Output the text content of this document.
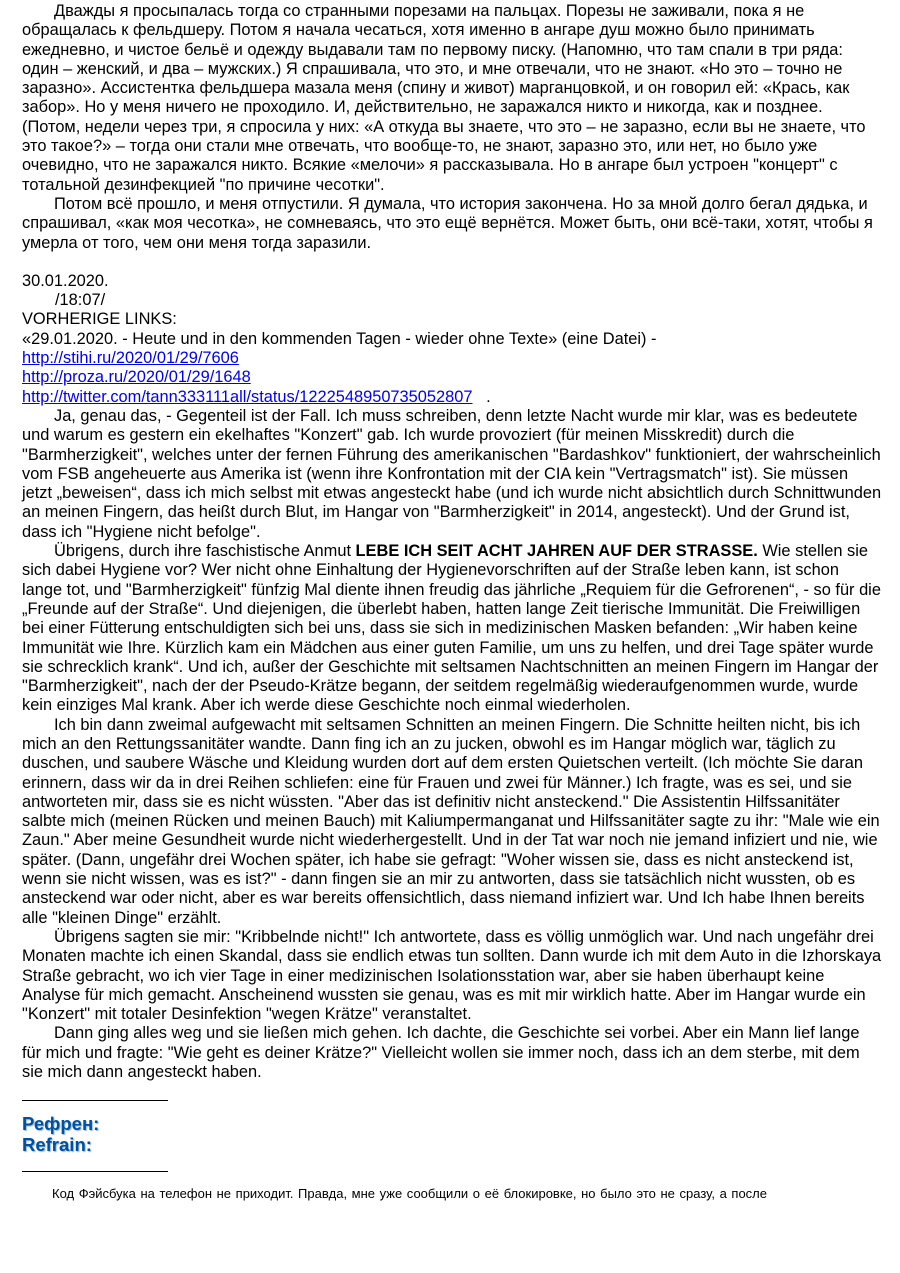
Дважды я просыпалась тогда со странными порезами на пальцах. Порезы не заживали, пока я не обращалась к фельдшеру. Потом я начала чесаться, хотя именно в ангаре душ можно было принимать ежедневно, и чистое бельё и одежду выдавали там по первому писку. (Напомню, что там спали в три ряда: один – женский, и два – мужских.) Я спрашивала, что это, и мне отвечали, что не знают. «Но это – точно не заразно». Ассистентка фельдшера мазала меня (спину и живот) марганцовкой, и он говорил ей: «Крась, как забор». Но у меня ничего не проходило. И, действительно, не заражался никто и никогда, как и позднее. (Потом, недели через три, я спросила у них: «А откуда вы знаете, что это – не заразно, если вы не знаете, что это такое?» – тогда они стали мне отвечать, что вообще-то, не знают, заразно это, или нет, но было уже очевидно, что не заражался никто. Всякие «мелочи» я рассказывала. Но в ангаре был устроен "концерт" с тотальной дезинфекцией "по причине чесотки".

Потом всё прошло, и меня отпустили. Я думала, что история закончена. Но за мной долго бегал дядька, и спрашивал, «как моя чесотка», не сомневаясь, что это ещё вернётся. Может быть, они всё-таки, хотят, чтобы я умерла от того, чем они меня тогда заразили.

30.01.2020.

/18:07/

VORHERIGE LINKS:

«29.01.2020. - Heute und in den kommenden Tagen - wieder ohne Texte» (eine Datei) -

http://stihi.ru/2020/01/29/7606

http://proza.ru/2020/01/29/1648

http://twitter.com/tann333111all/status/1222548950735052807   .

Ja, genau das, - Gegenteil ist der Fall. Ich muss schreiben, denn letzte Nacht wurde mir klar, was es bedeutete und warum es gestern ein ekelhaftes "Konzert" gab. Ich wurde provoziert (für meinen Misskredit) durch die "Barmherzigkeit", welches unter der fernen Führung des amerikanischen "Bardashkov" funktioniert, der wahrscheinlich vom FSB angeheuerte aus Amerika ist (wenn ihre Konfrontation mit der CIA kein "Vertragsmatch" ist). Sie müssen jetzt „beweisen“, dass ich mich selbst mit etwas angesteckt habe (und ich wurde nicht absichtlich durch Schnittwunden an meinen Fingern, das heißt durch Blut, im Hangar von "Barmherzigkeit" in 2014, angesteckt). Und der Grund ist, dass ich "Hygiene nicht befolge".

Übrigens, durch ihre faschistische Anmut LEBE ICH SEIT ACHT JAHREN AUF DER STRASSE. Wie stellen sie sich dabei Hygiene vor? Wer nicht ohne Einhaltung der Hygienevorschriften auf der Straße leben kann, ist schon lange tot, und "Barmherzigkeit" fünfzig Mal diente ihnen freudig das jährliche „Requiem für die Gefrorenen“, - so für die „Freunde auf der Straße“. Und diejenigen, die überlebt haben, hatten lange Zeit tierische Immunität. Die Freiwilligen bei einer Fütterung entschuldigten sich bei uns, dass sie sich in medizinischen Masken befanden: „Wir haben keine Immunität wie Ihre. Kürzlich kam ein Mädchen aus einer guten Familie, um uns zu helfen, und drei Tage später wurde sie schrecklich krank“. Und ich, außer der Geschichte mit seltsamen Nachtschnitten an meinen Fingern im Hangar der "Barmherzigkeit", nach der der Pseudo-Krätze begann, der seitdem regelmäßig wiederaufgenommen wurde, wurde kein einziges Mal krank. Aber ich werde diese Geschichte noch einmal wiederholen.

Ich bin dann zweimal aufgewacht mit seltsamen Schnitten an meinen Fingern. Die Schnitte heilten nicht, bis ich mich an den Rettungssanitäter wandte. Dann fing ich an zu jucken, obwohl es im Hangar möglich war, täglich zu duschen, und saubere Wäsche und Kleidung wurden dort auf dem ersten Quietschen verteilt. (Ich möchte Sie daran erinnern, dass wir da in drei Reihen schliefen: eine für Frauen und zwei für Männer.) Ich fragte, was es sei, und sie antworteten mir, dass sie es nicht wüssten. "Aber das ist definitiv nicht ansteckend." Die Assistentin Hilfssanitäter salbte mich (meinen Rücken und meinen Bauch) mit Kaliumpermanganat und Hilfssanitäter sagte zu ihr: "Male wie ein Zaun." Aber meine Gesundheit wurde nicht wiederhergestellt. Und in der Tat war noch nie jemand infiziert und nie, wie später. (Dann, ungefähr drei Wochen später, ich habe sie gefragt: "Woher wissen sie, dass es nicht ansteckend ist, wenn sie nicht wissen, was es ist?" - dann fingen sie an mir zu antworten, dass sie tatsächlich nicht wussten, ob es ansteckend war oder nicht, aber es war bereits offensichtlich, dass niemand infiziert war. Und Ich habe Ihnen bereits alle "kleinen Dinge" erzählt.

Übrigens sagten sie mir: "Kribbelnde nicht!" Ich antwortete, dass es völlig unmöglich war. Und nach ungefähr drei Monaten machte ich einen Skandal, dass sie endlich etwas tun sollten. Dann wurde ich mit dem Auto in die Izhorskaya Straße gebracht, wo ich vier Tage in einer medizinischen Isolationsstation war, aber sie haben überhaupt keine Analyse für mich gemacht. Anscheinend wussten sie genau, was es mit mir wirklich hatte. Aber im Hangar wurde ein "Konzert" mit totaler Desinfektion "wegen Krätze" veranstaltet.

Dann ging alles weg und sie ließen mich gehen. Ich dachte, die Geschichte sei vorbei. Aber ein Mann lief lange für mich und fragte: "Wie geht es deiner Krätze?" Vielleicht wollen sie immer noch, dass ich an dem sterbe, mit dem sie mich dann angesteckt haben.

Рефрен:

Refrain:

Код Фэйсбука на телефон не приходит. Правда, мне уже сообщили о её блокировке, но было это не сразу, а после
